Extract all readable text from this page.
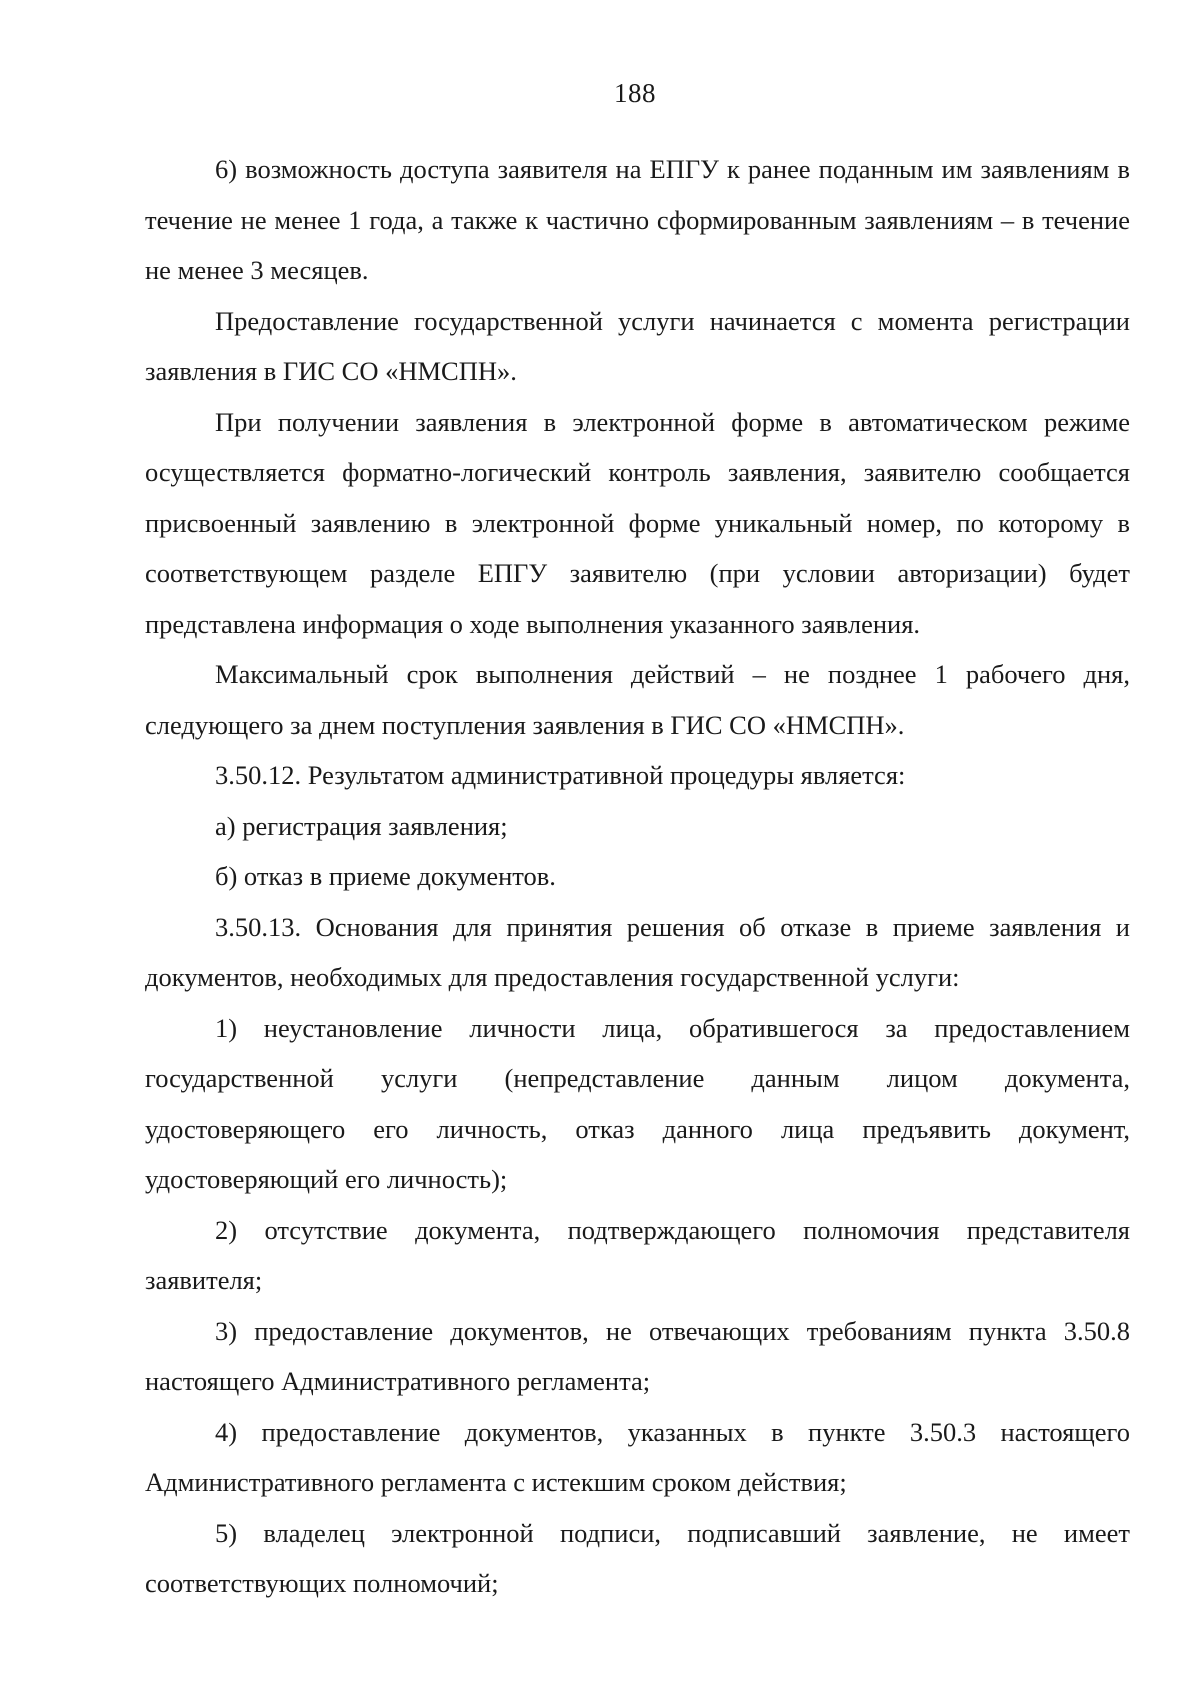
188

6) возможность доступа заявителя на ЕПГУ к ранее поданным им заявлениям в течение не менее 1 года, а также к частично сформированным заявлениям – в течение не менее 3 месяцев.

Предоставление государственной услуги начинается с момента регистрации заявления в ГИС СО «НМСПН».

При получении заявления в электронной форме в автоматическом режиме осуществляется форматно-логический контроль заявления, заявителю сообщается присвоенный заявлению в электронной форме уникальный номер, по которому в соответствующем разделе ЕПГУ заявителю (при условии авторизации) будет представлена информация о ходе выполнения указанного заявления.

Максимальный срок выполнения действий – не позднее 1 рабочего дня, следующего за днем поступления заявления в ГИС СО «НМСПН».

3.50.12. Результатом административной процедуры является:

а) регистрация заявления;

б) отказ в приеме документов.

3.50.13. Основания для принятия решения об отказе в приеме заявления и документов, необходимых для предоставления государственной услуги:

1) неустановление личности лица, обратившегося за предоставлением государственной услуги (непредставление данным лицом документа, удостоверяющего его личность, отказ данного лица предъявить документ, удостоверяющий его личность);

2) отсутствие документа, подтверждающего полномочия представителя заявителя;

3) предоставление документов, не отвечающих требованиям пункта 3.50.8 настоящего Административного регламента;

4) предоставление документов, указанных в пункте 3.50.3 настоящего Административного регламента с истекшим сроком действия;

5) владелец электронной подписи, подписавший заявление, не имеет соответствующих полномочий;
